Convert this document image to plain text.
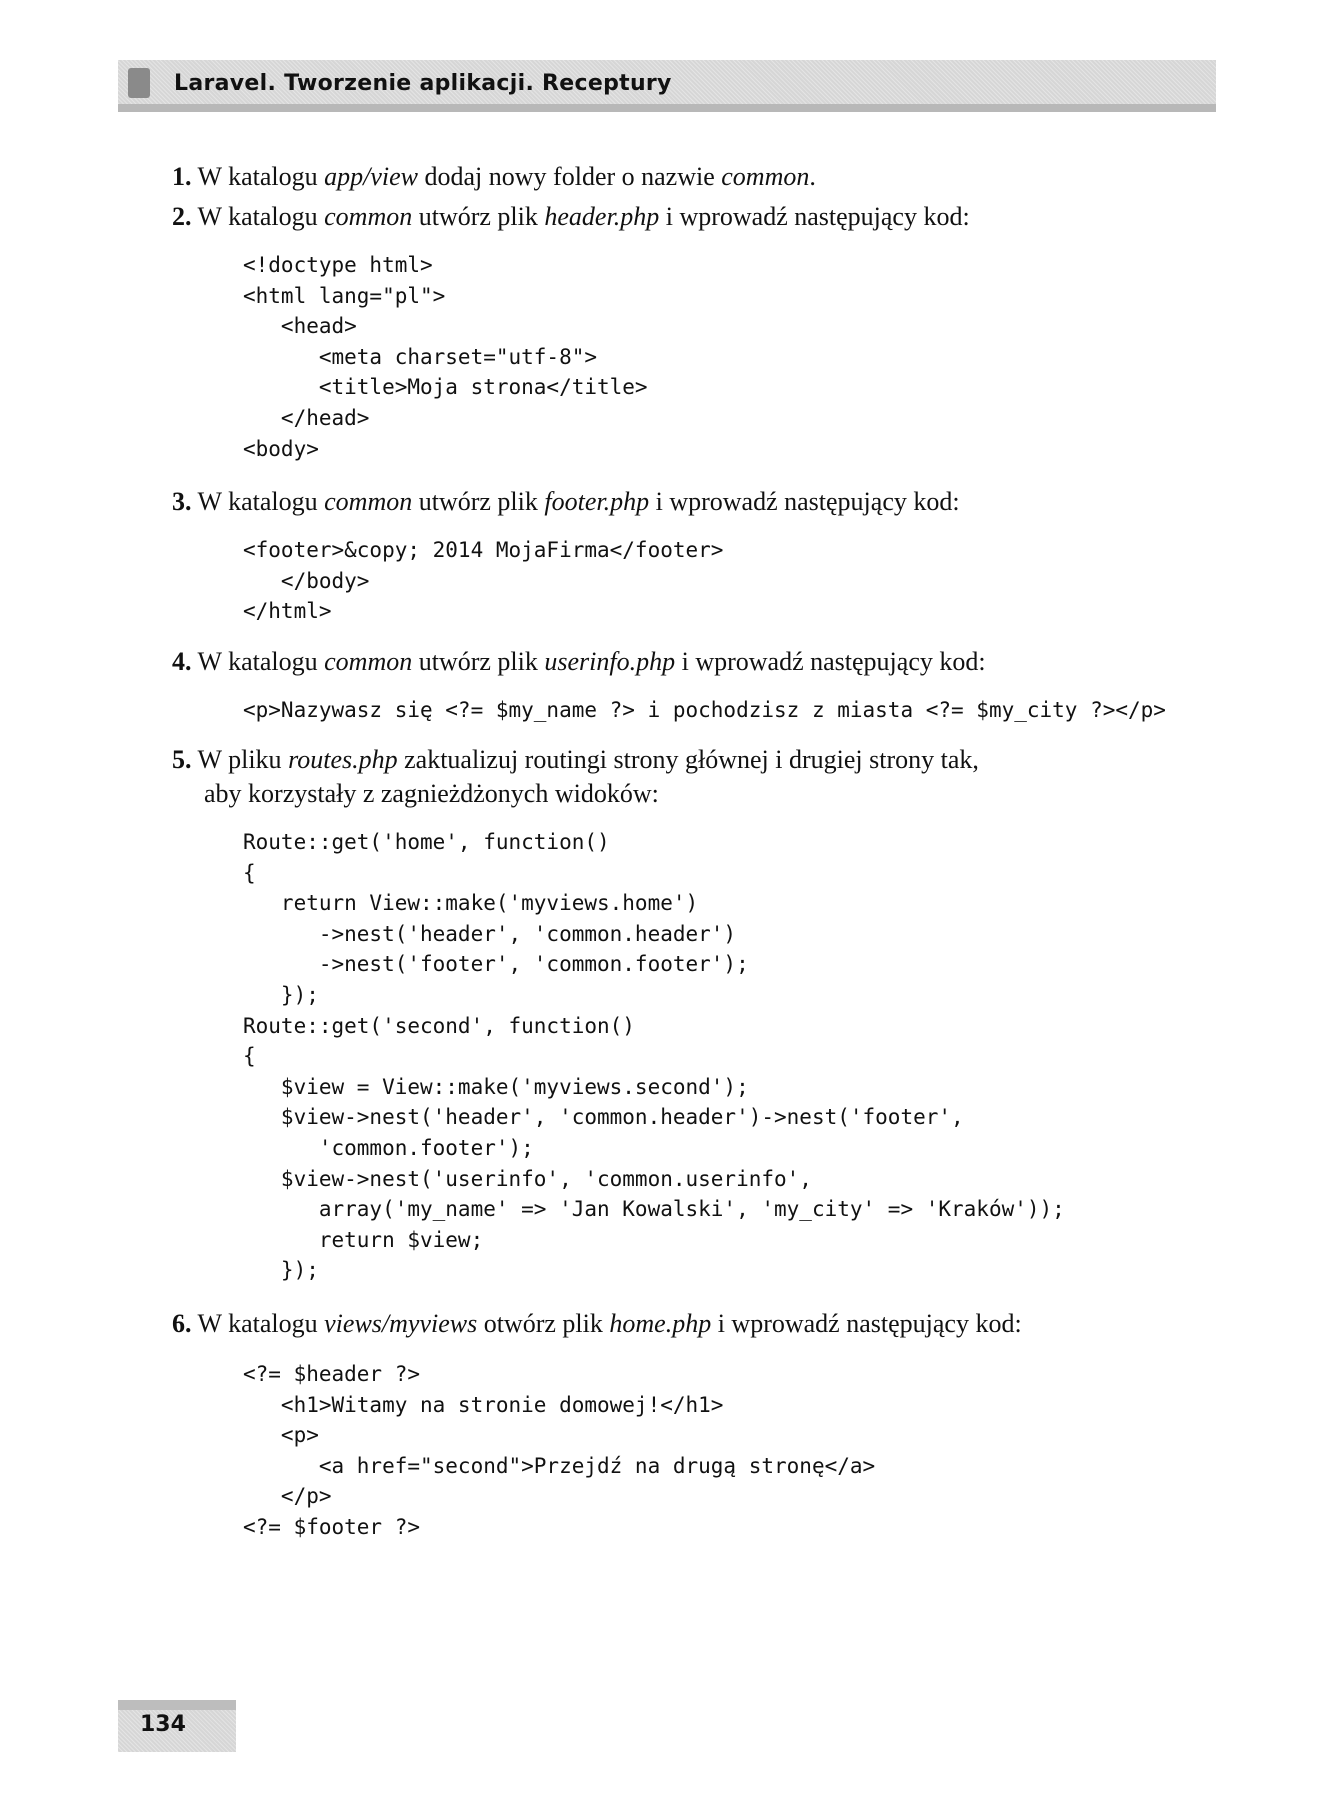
Laravel. Tworzenie aplikacji. Receptury
1. W katalogu app/view dodaj nowy folder o nazwie common.
2. W katalogu common utwórz plik header.php i wprowadź następujący kod:
<!doctype html>
<html lang="pl">
<head>
<meta charset="utf-8">
<title>Moja strona</title>
</head>
<body>
3. W katalogu common utwórz plik footer.php i wprowadź następujący kod:
<footer>&copy; 2014 MojaFirma</footer>
</body>
</html>
4. W katalogu common utwórz plik userinfo.php i wprowadź następujący kod:
<p>Nazywasz się <?= $my_name ?> i pochodzisz z miasta <?= $my_city ?></p>
5. W pliku routes.php zaktualizuj routingi strony głównej i drugiej strony tak,
aby korzystały z zagnieżdżonych widoków:
Route::get('home', function()
{
return View::make('myviews.home')
->nest('header', 'common.header')
->nest('footer', 'common.footer');
});
Route::get('second', function()
{
$view = View::make('myviews.second');
$view->nest('header', 'common.header')->nest('footer',
'common.footer');
$view->nest('userinfo', 'common.userinfo',
array('my_name' => 'Jan Kowalski', 'my_city' => 'Kraków'));
return $view;
});
6. W katalogu views/myviews otwórz plik home.php i wprowadź następujący kod:
<?= $header ?>
<h1>Witamy na stronie domowej!</h1>
<p>
<a href="second">Przejdź na drugą stronę</a>
</p>
<?= $footer ?>
134
